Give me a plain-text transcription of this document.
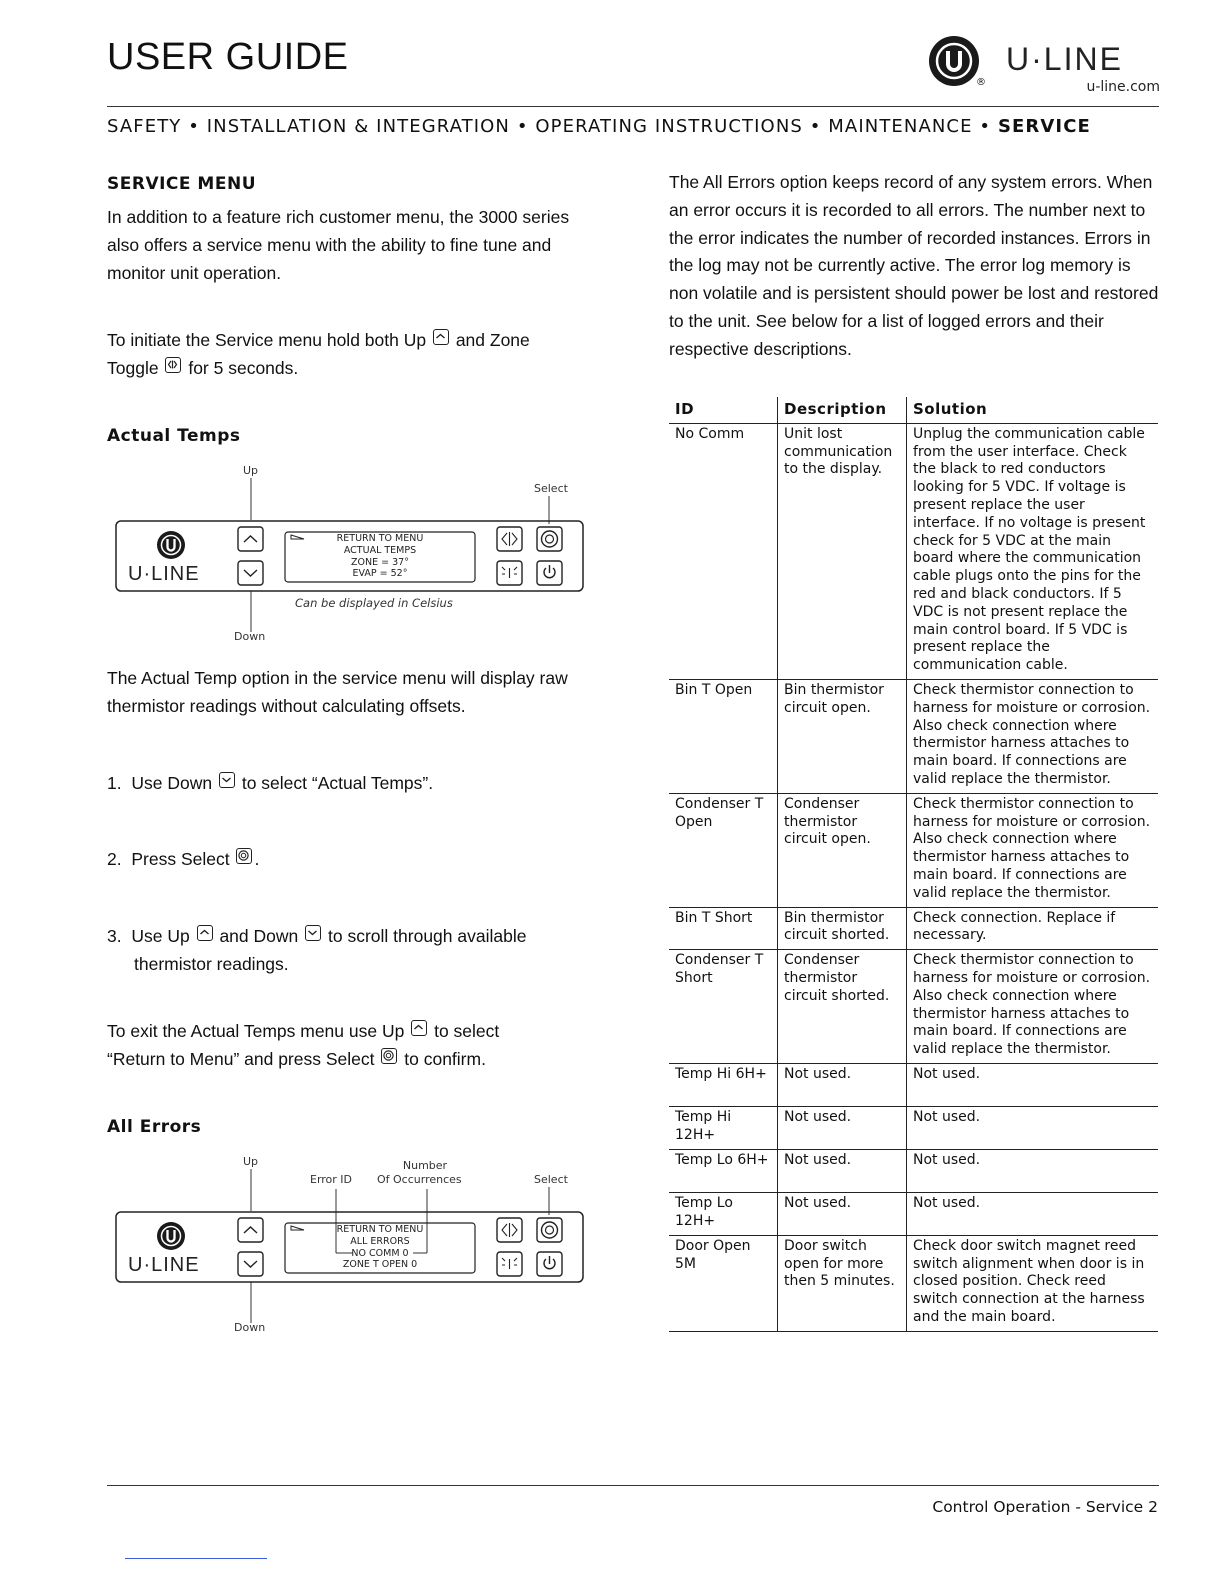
USER GUIDE
®
U·LINE
u-line.com
SAFETY • INSTALLATION & INTEGRATION • OPERATING INSTRUCTIONS • MAINTENANCE • SERVICE
SERVICE MENU
In addition to a feature rich customer menu, the 3000 series also offers a service menu with the ability to fine tune and monitor unit operation.
To initiate the Service menu hold both Up and Zone
Toggle for 5 seconds.
Actual Temps
Up
Down
Select
U·LINE
RETURN TO MENU
ACTUAL TEMPS
ZONE = 37°
EVAP = 52°
Can be displayed in Celsius
The Actual Temp option in the service menu will display raw thermistor readings without calculating offsets.
1. Use Down to select “Actual Temps”.
2. Press Select .
3. Use Up and Down to scroll through available
thermistor readings.
To exit the Actual Temps menu use Up to select
“Return to Menu” and press Select to confirm.
All Errors
Up
Down
Select
Error ID
Number
Of Occurrences
U·LINE
RETURN TO MENU
ALL ERRORS
NO COMM 0
ZONE T OPEN 0
The All Errors option keeps record of any system errors. When an error occurs it is recorded to all errors. The number next to the error indicates the number of recorded instances. Errors in the log may not be currently active. The error log memory is non volatile and is persistent should power be lost and restored to the unit. See below for a list of logged errors and their respective descriptions.
ID	Description	Solution
No Comm	Unit lost communication to the display.	Unplug the communication cable from the user interface. Check the black to red conductors looking for 5 VDC. If voltage is present replace the user interface. If no voltage is present check for 5 VDC at the main board where the communication cable plugs onto the pins for the red and black conductors. If 5 VDC is not present replace the main control board. If 5 VDC is present replace the communication cable.
Bin T Open	Bin thermistor circuit open.	Check thermistor connection to harness for moisture or corrosion. Also check connection where thermistor harness attaches to main board. If connections are valid replace the thermistor.
Condenser T Open	Condenser thermistor circuit open.	Check thermistor connection to harness for moisture or corrosion. Also check connection where thermistor harness attaches to main board. If connections are valid replace the thermistor.
Bin T Short	Bin thermistor circuit shorted.	Check connection. Replace if necessary.
Condenser T Short	Condenser thermistor circuit shorted.	Check thermistor connection to harness for moisture or corrosion. Also check connection where thermistor harness attaches to main board. If connections are valid replace the thermistor.
Temp Hi 6H+	Not used.	Not used.
Temp Hi 12H+	Not used.	Not used.
Temp Lo 6H+	Not used.	Not used.
Temp Lo 12H+	Not used.	Not used.
Door Open 5M	Door switch open for more then 5 minutes.	Check door switch magnet reed switch alignment when door is in closed position. Check reed switch connection at the harness and the main board.
Control Operation - Service 2
